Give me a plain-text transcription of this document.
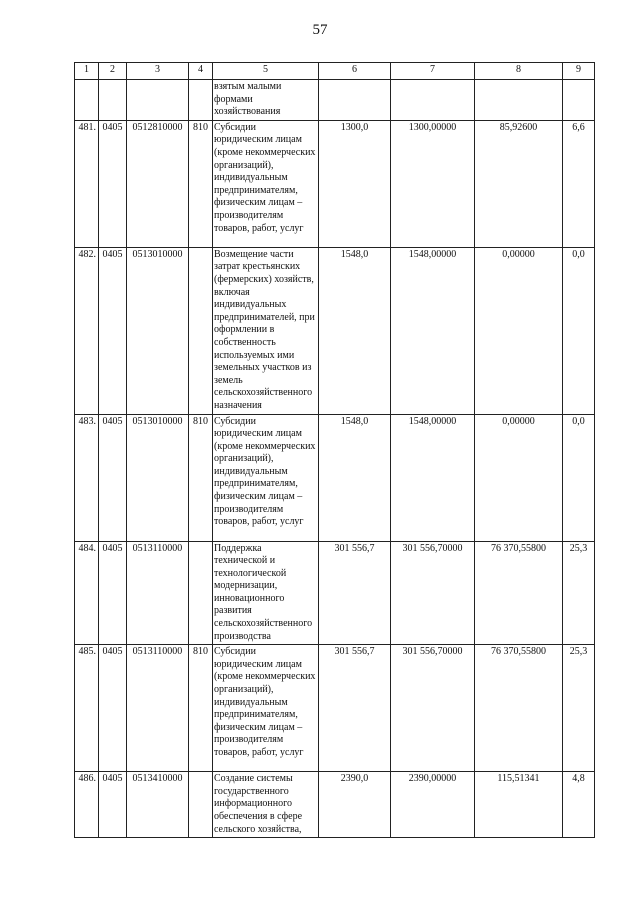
57
1	2	3	4	5	6	7	8	9
				взятым малыми формами хозяйствования				
481.	0405	0512810000	810	Субсидии юридическим лицам (кроме некоммерческих организаций), индивидуальным предпринимателям, физическим лицам – производителям товаров, работ, услуг	1300,0	1300,00000	85,92600	6,6
482.	0405	0513010000		Возмещение части затрат крестьянских (фермерских) хозяйств, включая индивидуальных предпринимателей, при оформлении в собственность используемых ими земельных участков из земель сельскохозяйственного назначения	1548,0	1548,00000	0,00000	0,0
483.	0405	0513010000	810	Субсидии юридическим лицам (кроме некоммерческих организаций), индивидуальным предпринимателям, физическим лицам – производителям товаров, работ, услуг	1548,0	1548,00000	0,00000	0,0
484.	0405	0513110000		Поддержка технической и технологической модернизации, инновационного развития сельскохозяйственного производства	301 556,7	301 556,70000	76 370,55800	25,3
485.	0405	0513110000	810	Субсидии юридическим лицам (кроме некоммерческих организаций), индивидуальным предпринимателям, физическим лицам – производителям товаров, работ, услуг	301 556,7	301 556,70000	76 370,55800	25,3
486.	0405	0513410000		Создание системы государственного информационного обеспечения в сфере сельского хозяйства,	2390,0	2390,00000	115,51341	4,8
